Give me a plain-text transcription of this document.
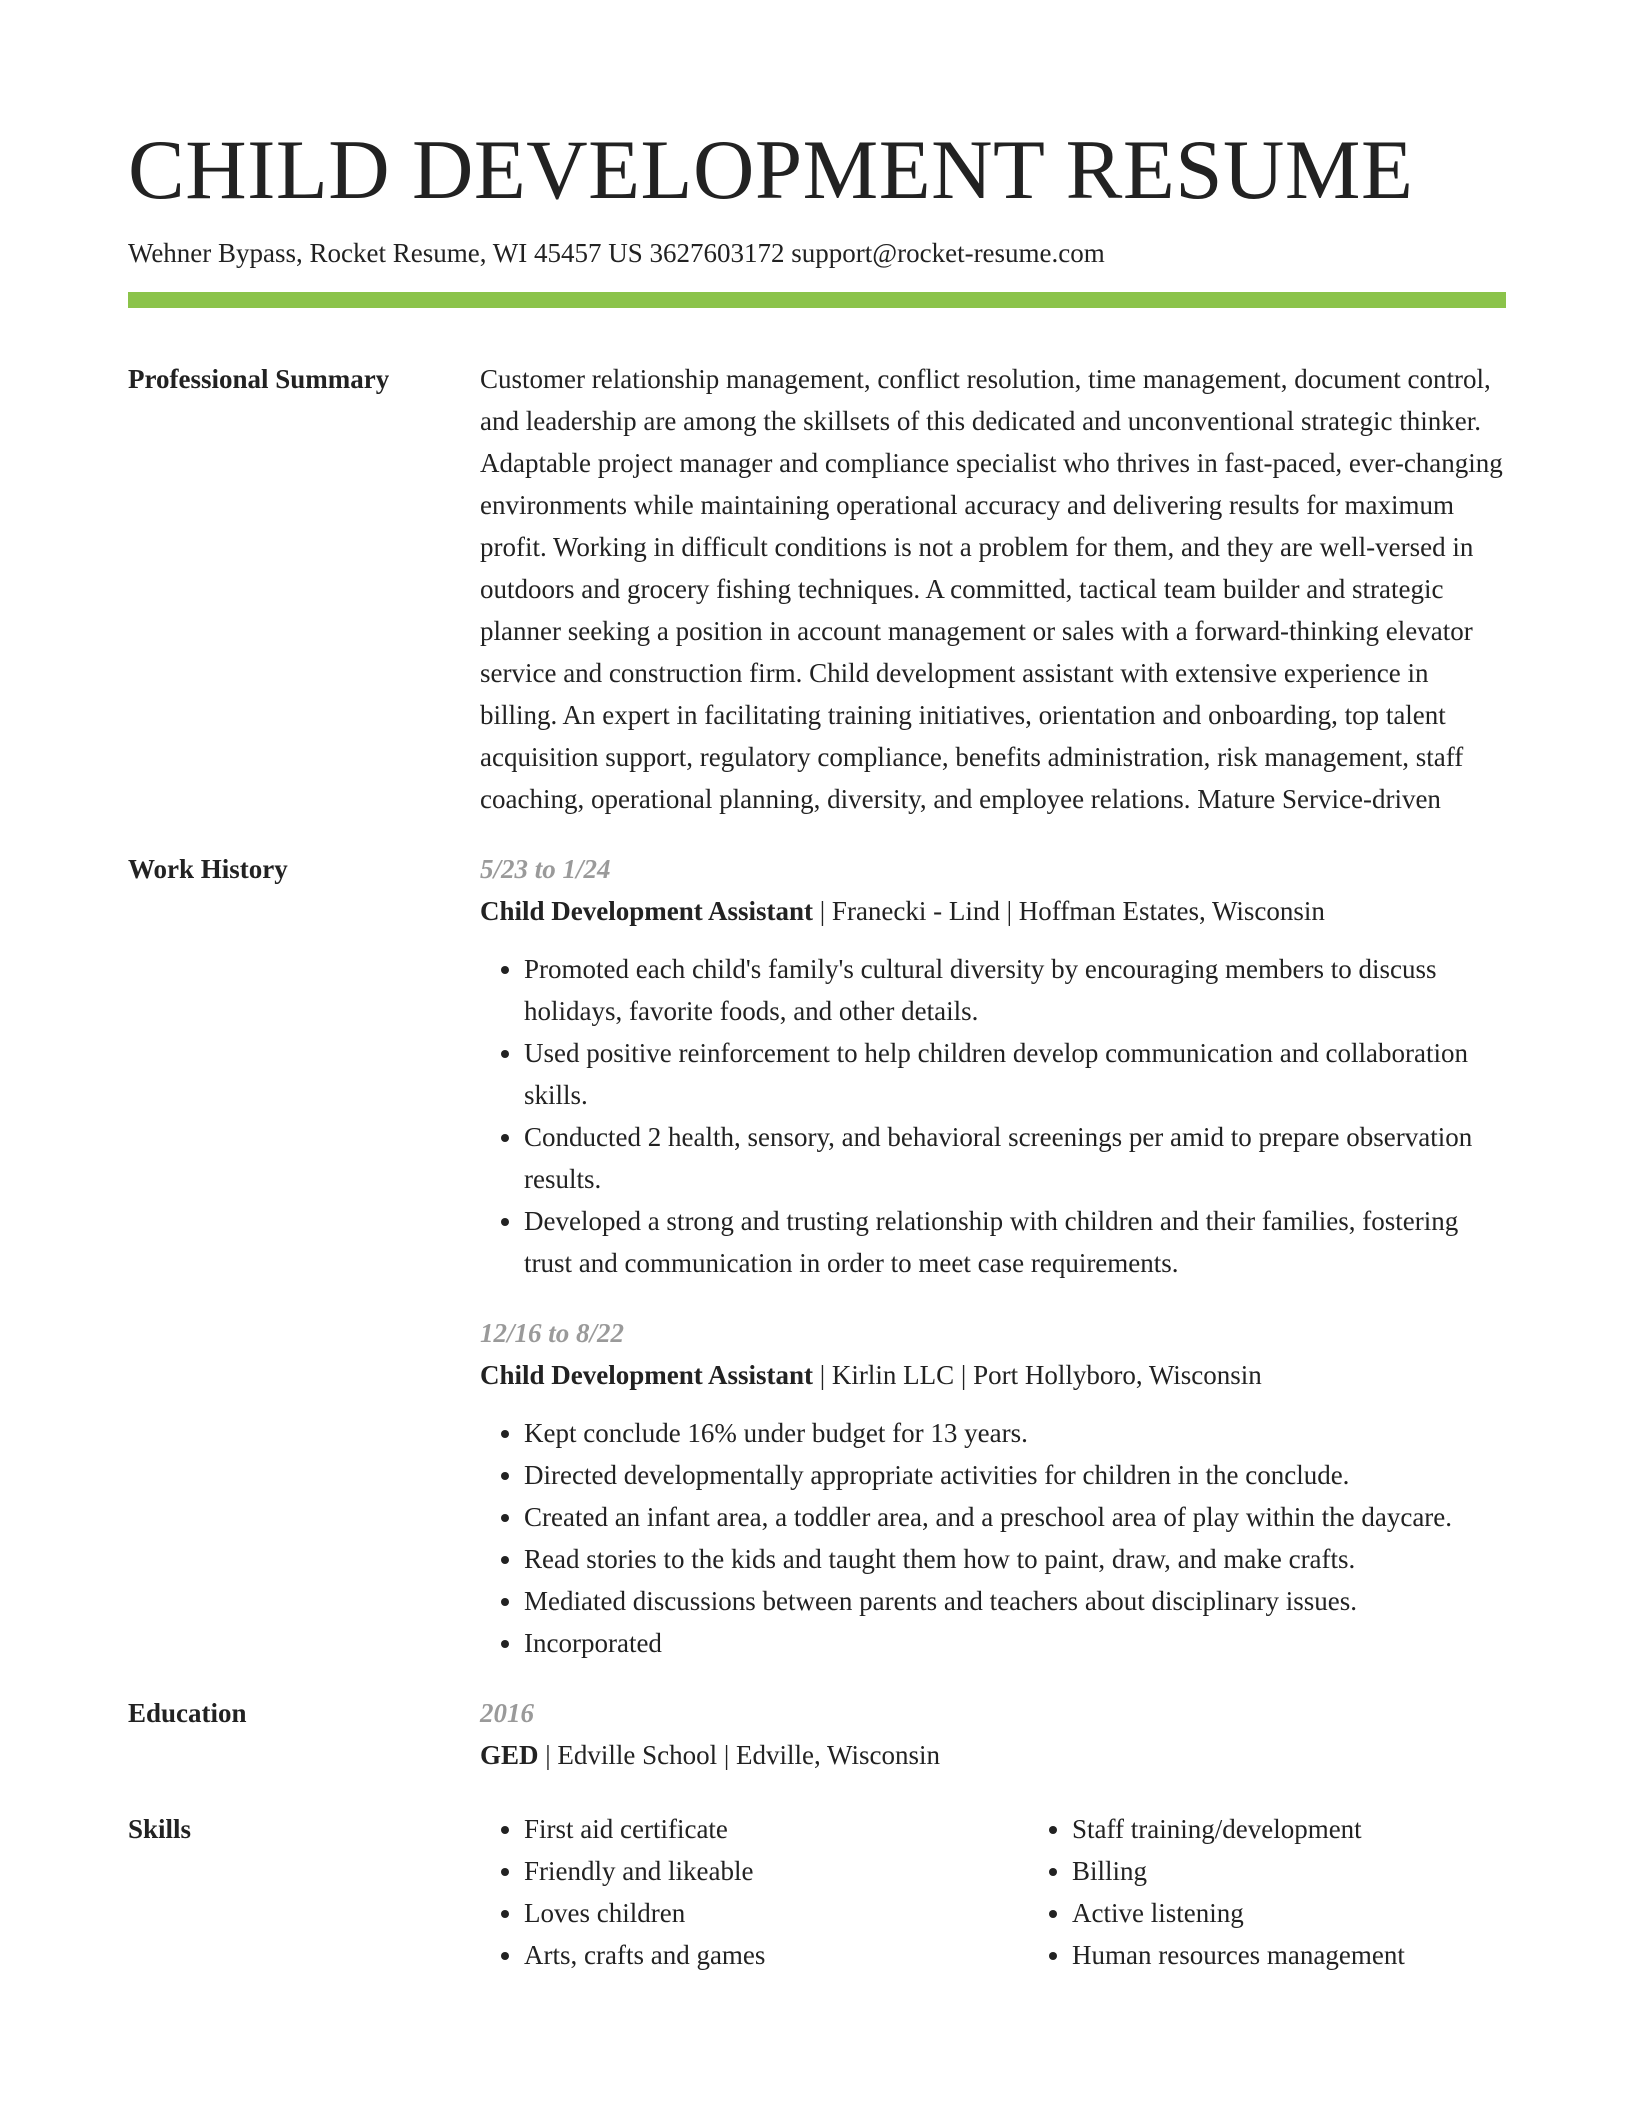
CHILD DEVELOPMENT RESUME
Wehner Bypass, Rocket Resume, WI 45457 US 3627603172 support@rocket-resume.com
Professional Summary	Customer relationship management, conflict resolution, time management, document control, and leadership are among the skillsets of this dedicated and unconventional strategic thinker. Adaptable project manager and compliance specialist who thrives in fast-paced, ever-changing environments while maintaining operational accuracy and delivering results for maximum profit. Working in difficult conditions is not a problem for them, and they are well-versed in outdoors and grocery fishing techniques. A committed, tactical team builder and strategic planner seeking a position in account management or sales with a forward-thinking elevator service and construction firm. Child development assistant with extensive experience in billing. An expert in facilitating training initiatives, orientation and onboarding, top talent acquisition support, regulatory compliance, benefits administration, risk management, staff coaching, operational planning, diversity, and employee relations. Mature Service-driven

Work History	5/23 to 1/24
Child Development Assistant | Franecki - Lind | Hoffman Estates, Wisconsin
• Promoted each child's family's cultural diversity by encouraging members to discuss holidays, favorite foods, and other details.
• Used positive reinforcement to help children develop communication and collaboration skills.
• Conducted 2 health, sensory, and behavioral screenings per amid to prepare observation results.
• Developed a strong and trusting relationship with children and their families, fostering trust and communication in order to meet case requirements.
12/16 to 8/22
Child Development Assistant | Kirlin LLC | Port Hollyboro, Wisconsin
• Kept conclude 16% under budget for 13 years.
• Directed developmentally appropriate activities for children in the conclude.
• Created an infant area, a toddler area, and a preschool area of play within the daycare.
• Read stories to the kids and taught them how to paint, draw, and make crafts.
• Mediated discussions between parents and teachers about disciplinary issues.
• Incorporated
Education	2016
GED | Edville School | Edville, Wisconsin
Skills
•	First aid certificate
• Friendly and likeable
• Loves children
• Arts, crafts and games
• Staff training/development
• Billing
• Active listening
• Human resources management
